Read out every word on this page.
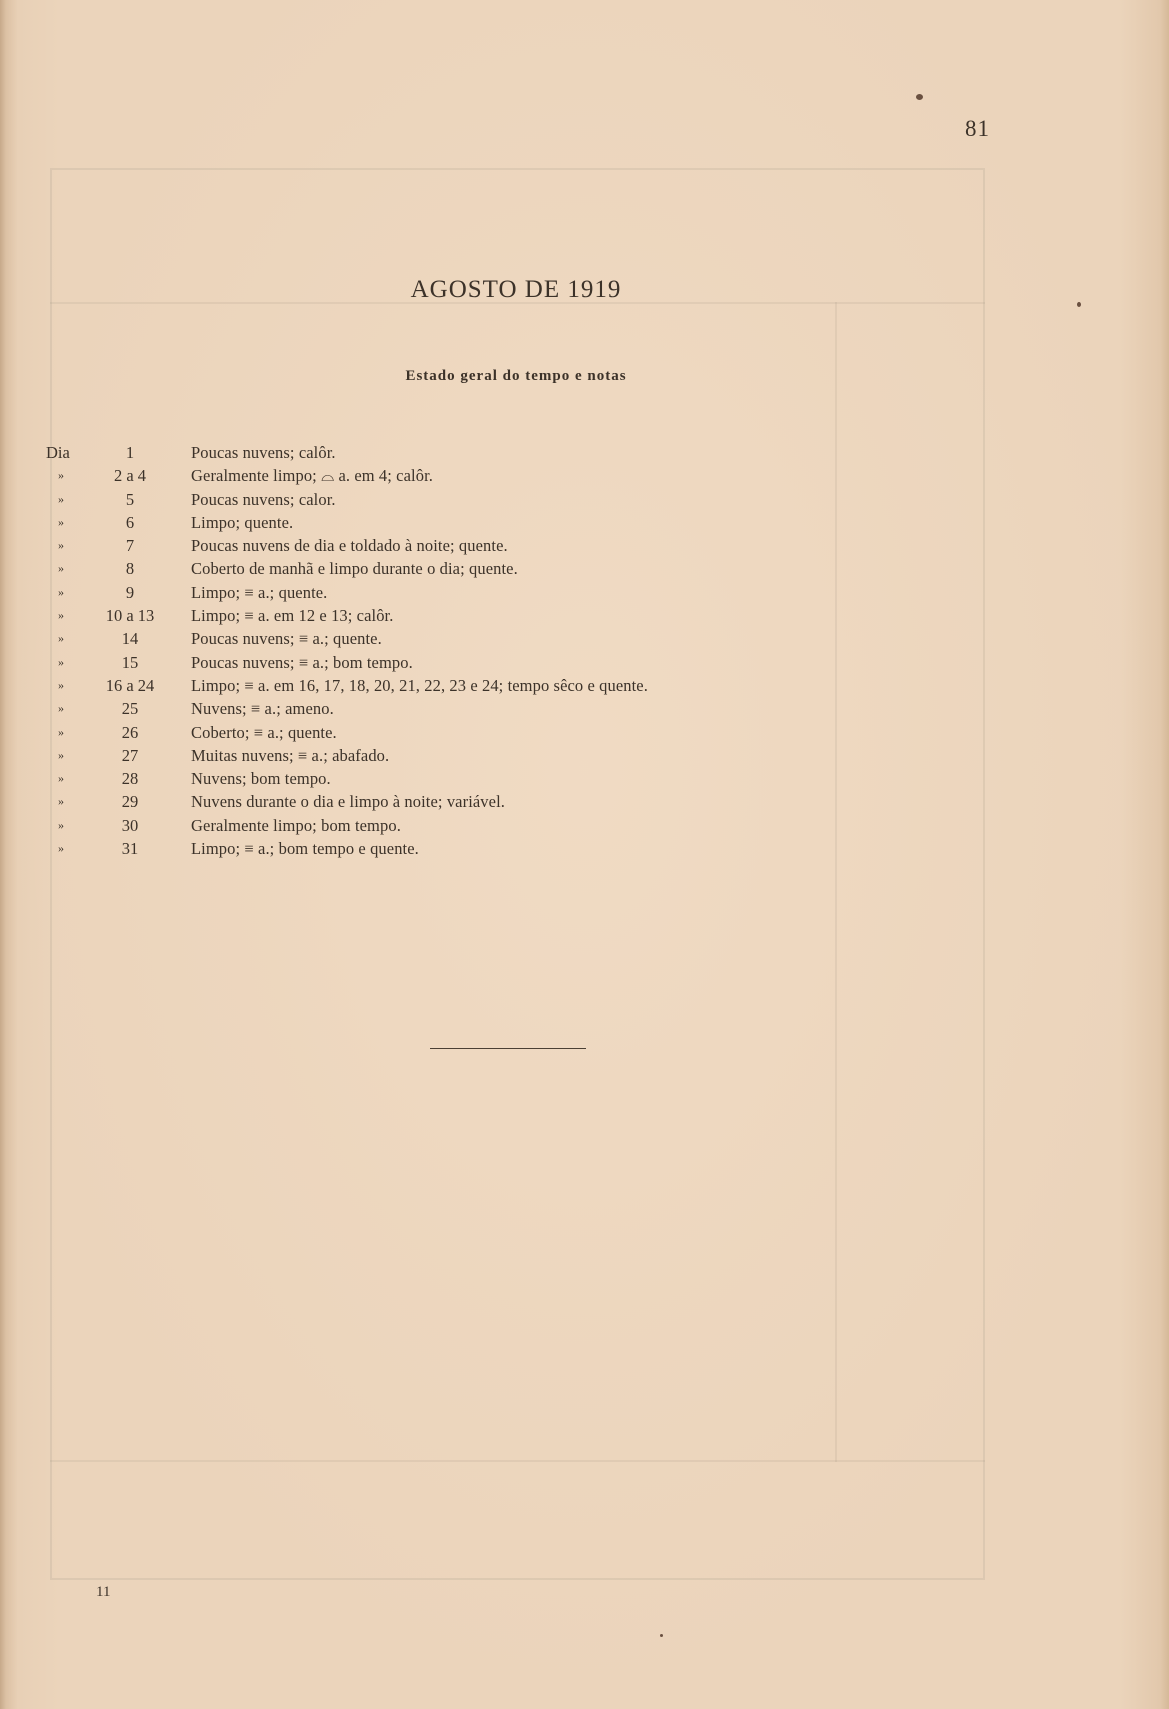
81
AGOSTO DE 1919
Estado geral do tempo e notas
Dia	1	Poucas nuvens; calôr.
»	2 a 4	Geralmente limpo; ⌓ a. em 4; calôr.
»	5	Poucas nuvens; calor.
»	6	Limpo; quente.
»	7	Poucas nuvens de dia e toldado à noite; quente.
»	8	Coberto de manhã e limpo durante o dia; quente.
»	9	Limpo; ≡ a.; quente.
»	10 a 13	Limpo; ≡ a. em 12 e 13; calôr.
»	14	Poucas nuvens; ≡ a.; quente.
»	15	Poucas nuvens; ≡ a.; bom tempo.
»	16 a 24	Limpo; ≡ a. em 16, 17, 18, 20, 21, 22, 23 e 24; tempo sêco e quente.
»	25	Nuvens; ≡ a.; ameno.
»	26	Coberto; ≡ a.; quente.
»	27	Muitas nuvens; ≡ a.; abafado.
»	28	Nuvens; bom tempo.
»	29	Nuvens durante o dia e limpo à noite; variável.
»	30	Geralmente limpo; bom tempo.
»	31	Limpo; ≡ a.; bom tempo e quente.
11
